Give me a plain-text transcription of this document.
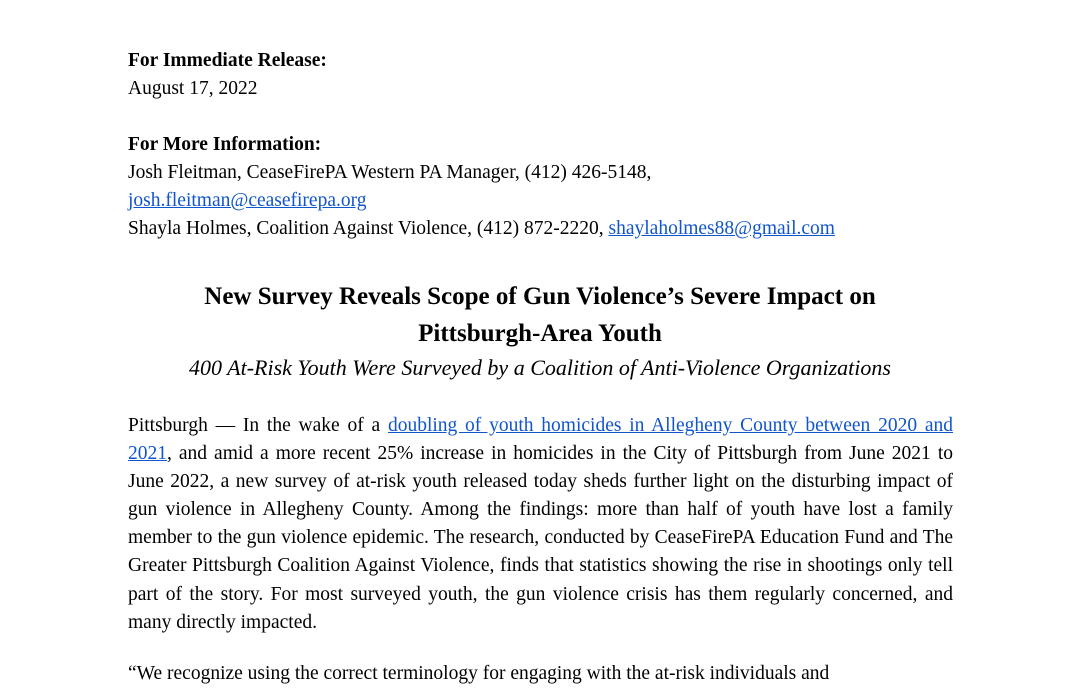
For Immediate Release:
August 17, 2022
For More Information:
Josh Fleitman, CeaseFirePA Western PA Manager, (412) 426-5148,
josh.fleitman@ceasefirepa.org
Shayla Holmes, Coalition Against Violence, (412) 872-2220, shaylaholmes88@gmail.com
New Survey Reveals Scope of Gun Violence’s Severe Impact on
Pittsburgh-Area Youth
400 At-Risk Youth Were Surveyed by a Coalition of Anti-Violence Organizations
Pittsburgh — In the wake of a doubling of youth homicides in Allegheny County between 2020 and 2021, and amid a more recent 25% increase in homicides in the City of Pittsburgh from June 2021 to June 2022, a new survey of at-risk youth released today sheds further light on the disturbing impact of gun violence in Allegheny County. Among the findings: more than half of youth have lost a family member to the gun violence epidemic. The research, conducted by CeaseFirePA Education Fund and The Greater Pittsburgh Coalition Against Violence, finds that statistics showing the rise in shootings only tell part of the story. For most surveyed youth, the gun violence crisis has them regularly concerned, and many directly impacted.
“We recognize using the correct terminology for engaging with the at-risk individuals and
